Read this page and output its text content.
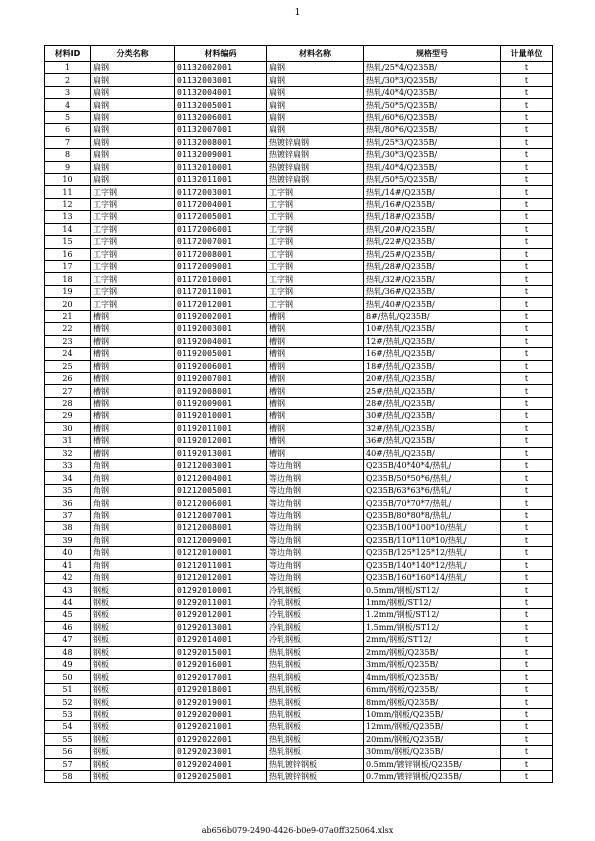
1
材料ID	分类名称	材料编码	材料名称	规格型号	计量单位
1	扁钢	01132002001	扁钢	热轧/25*4/Q235B/	t
2	扁钢	01132003001	扁钢	热轧/30*3/Q235B/	t
3	扁钢	01132004001	扁钢	热轧/40*4/Q235B/	t
4	扁钢	01132005001	扁钢	热轧/50*5/Q235B/	t
5	扁钢	01132006001	扁钢	热轧/60*6/Q235B/	t
6	扁钢	01132007001	扁钢	热轧/80*6/Q235B/	t
7	扁钢	01132008001	热镀锌扁钢	热轧/25*3/Q235B/	t
8	扁钢	01132009001	热镀锌扁钢	热轧/30*3/Q235B/	t
9	扁钢	01132010001	热镀锌扁钢	热轧/40*4/Q235B/	t
10	扁钢	01132011001	热镀锌扁钢	热轧/50*5/Q235B/	t
11	工字钢	01172003001	工字钢	热轧/14#/Q235B/	t
12	工字钢	01172004001	工字钢	热轧/16#/Q235B/	t
13	工字钢	01172005001	工字钢	热轧/18#/Q235B/	t
14	工字钢	01172006001	工字钢	热轧/20#/Q235B/	t
15	工字钢	01172007001	工字钢	热轧/22#/Q235B/	t
16	工字钢	01172008001	工字钢	热轧/25#/Q235B/	t
17	工字钢	01172009001	工字钢	热轧/28#/Q235B/	t
18	工字钢	01172010001	工字钢	热轧/32#/Q235B/	t
19	工字钢	01172011001	工字钢	热轧/36#/Q235B/	t
20	工字钢	01172012001	工字钢	热轧/40#/Q235B/	t
21	槽钢	01192002001	槽钢	8#/热轧/Q235B/	t
22	槽钢	01192003001	槽钢	10#/热轧/Q235B/	t
23	槽钢	01192004001	槽钢	12#/热轧/Q235B/	t
24	槽钢	01192005001	槽钢	16#/热轧/Q235B/	t
25	槽钢	01192006001	槽钢	18#/热轧/Q235B/	t
26	槽钢	01192007001	槽钢	20#/热轧/Q235B/	t
27	槽钢	01192008001	槽钢	25#/热轧/Q235B/	t
28	槽钢	01192009001	槽钢	28#/热轧/Q235B/	t
29	槽钢	01192010001	槽钢	30#/热轧/Q235B/	t
30	槽钢	01192011001	槽钢	32#/热轧/Q235B/	t
31	槽钢	01192012001	槽钢	36#/热轧/Q235B/	t
32	槽钢	01192013001	槽钢	40#/热轧/Q235B/	t
33	角钢	01212003001	等边角钢	Q235B/40*40*4/热轧/	t
34	角钢	01212004001	等边角钢	Q235B/50*50*6/热轧/	t
35	角钢	01212005001	等边角钢	Q235B/63*63*6/热轧/	t
36	角钢	01212006001	等边角钢	Q235B/70*70*7/热轧/	t
37	角钢	01212007001	等边角钢	Q235B/80*80*8/热轧/	t
38	角钢	01212008001	等边角钢	Q235B/100*100*10/热轧/	t
39	角钢	01212009001	等边角钢	Q235B/110*110*10/热轧/	t
40	角钢	01212010001	等边角钢	Q235B/125*125*12/热轧/	t
41	角钢	01212011001	等边角钢	Q235B/140*140*12/热轧/	t
42	角钢	01212012001	等边角钢	Q235B/160*160*14/热轧/	t
43	钢板	01292010001	冷轧钢板	0.5mm/钢板/ST12/	t
44	钢板	01292011001	冷轧钢板	1mm/钢板/ST12/	t
45	钢板	01292012001	冷轧钢板	1.2mm/钢板/ST12/	t
46	钢板	01292013001	冷轧钢板	1.5mm/钢板/ST12/	t
47	钢板	01292014001	冷轧钢板	2mm/钢板/ST12/	t
48	钢板	01292015001	热轧钢板	2mm/钢板/Q235B/	t
49	钢板	01292016001	热轧钢板	3mm/钢板/Q235B/	t
50	钢板	01292017001	热轧钢板	4mm/钢板/Q235B/	t
51	钢板	01292018001	热轧钢板	6mm/钢板/Q235B/	t
52	钢板	01292019001	热轧钢板	8mm/钢板/Q235B/	t
53	钢板	01292020001	热轧钢板	10mm/钢板/Q235B/	t
54	钢板	01292021001	热轧钢板	12mm/钢板/Q235B/	t
55	钢板	01292022001	热轧钢板	20mm/钢板/Q235B/	t
56	钢板	01292023001	热轧钢板	30mm/钢板/Q235B/	t
57	钢板	01292024001	热轧镀锌钢板	0.5mm/镀锌钢板/Q235B/	t
58	钢板	01292025001	热轧镀锌钢板	0.7mm/镀锌钢板/Q235B/	t
ab656b079-2490-4426-b0e9-07a0ff325064.xlsx
